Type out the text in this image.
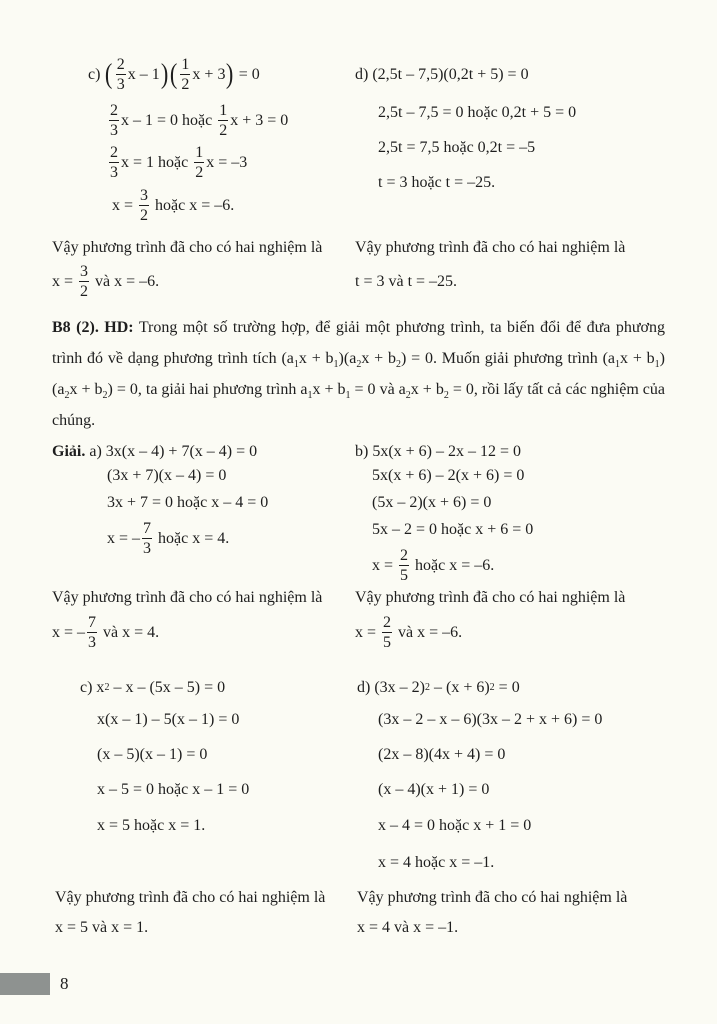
c) ( $\frac{2}{3}$ x – 1 ) ( $\frac{1}{2}$ x + 3 ) = 0
$\frac{2}{3}$ x – 1 = 0 hoặc $\frac{1}{2}$ x + 3 = 0
$\frac{2}{3}$ x = 1 hoặc $\frac{1}{2}$ x = –3
$x = \frac{3}{2}$ hoặc x = –6.
Vậy phương trình đã cho có hai nghiệm là
$x = \frac{3}{2}$ và x = –6.
d) (2,5t – 7,5)(0,2t + 5) = 0
2,5t – 7,5 = 0 hoặc 0,2t + 5 = 0
2,5t = 7,5 hoặc 0,2t = –5
t = 3 hoặc t = –25.
Vậy phương trình đã cho có hai nghiệm là
t = 3 và t = –25.
B8 (2). HD: Trong một số trường hợp, để giải một phương trình, ta biến đổi để đưa phương trình đó về dạng phương trình tích $(a_1x + b_1)(a_2x + b_2) = 0$. Muốn giải phương trình $(a_1x + b_1)(a_2x + b_2) = 0$, ta giải hai phương trình $a_1x + b_1 = 0$ và $a_2x + b_2 = 0$, rồi lấy tất cả các nghiệm của chúng.
Giải. a) 3x(x – 4) + 7(x – 4) = 0
(3x + 7)(x – 4) = 0
3x + 7 = 0 hoặc x – 4 = 0
x = – $\frac{7}{3}$ hoặc x = 4.
Vậy phương trình đã cho có hai nghiệm là
x = – $\frac{7}{3}$ và x = 4.
b) 5x(x + 6) – 2x – 12 = 0
5x(x + 6) – 2(x + 6) = 0
(5x – 2)(x + 6) = 0
5x – 2 = 0 hoặc x + 6 = 0
$x = \frac{2}{5}$ hoặc x = –6.
Vậy phương trình đã cho có hai nghiệm là
$x = \frac{2}{5}$ và x = –6.
c) x 2 – x – (5x – 5) = 0
x(x – 1) – 5(x – 1) = 0
(x – 5)(x – 1) = 0
x – 5 = 0 hoặc x – 1 = 0
x = 5 hoặc x = 1.
Vậy phương trình đã cho có hai nghiệm là
x = 5 và x = 1.
d) (3x – 2) 2 – (x + 6) 2 = 0
(3x – 2 – x – 6)(3x – 2 + x + 6) = 0
(2x – 8)(4x + 4) = 0
(x – 4)(x + 1) = 0
x – 4 = 0 hoặc x + 1 = 0
x = 4 hoặc x = –1.
Vậy phương trình đã cho có hai nghiệm là
x = 4 và x = –1.
8
